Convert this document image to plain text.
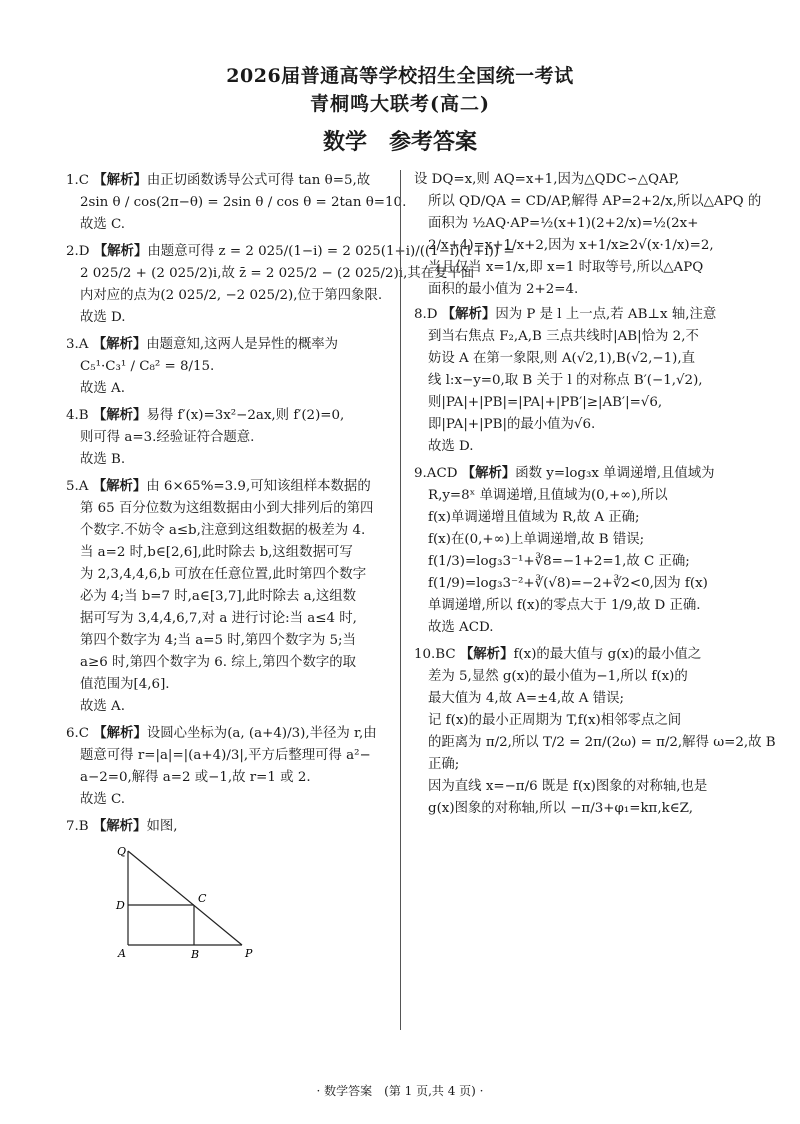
2026届普通高等学校招生全国统一考试
青桐鸣大联考(高二)
数学　参考答案
1.C 【解析】由正切函数诱导公式可得 tan θ=5,故
2sin θ / cos(2π−θ) = 2sin θ / cos θ = 2tan θ=10.
故选 C.
2.D 【解析】由题意可得 z = 2 025/(1−i) = 2 025(1+i)/((1−i)(1+i)) =
2 025/2 + (2 025/2)i,故 z̄ = 2 025/2 − (2 025/2)i,其在复平面
内对应的点为(2 025/2, −2 025/2),位于第四象限.
故选 D.
3.A 【解析】由题意知,这两人是异性的概率为
C₅¹·C₃¹ / C₈² = 8/15.
故选 A.
4.B 【解析】易得 f′(x)=3x²−2ax,则 f′(2)=0,
则可得 a=3.经验证符合题意.
故选 B.
5.A 【解析】由 6×65%=3.9,可知该组样本数据的
第 65 百分位数为这组数据由小到大排列后的第四
个数字.不妨令 a≤b,注意到这组数据的极差为 4.
当 a=2 时,b∈[2,6],此时除去 b,这组数据可写
为 2,3,4,4,6,b 可放在任意位置,此时第四个数字
必为 4;当 b=7 时,a∈[3,7],此时除去 a,这组数
据可写为 3,4,4,6,7,对 a 进行讨论:当 a≤4 时,
第四个数字为 4;当 a=5 时,第四个数字为 5;当
a≥6 时,第四个数字为 6. 综上,第四个数字的取
值范围为[4,6].
故选 A.
6.C 【解析】设圆心坐标为(a, (a+4)/3),半径为 r,由
题意可得 r=|a|=|(a+4)/3|,平方后整理可得 a²−
a−2=0,解得 a=2 或−1,故 r=1 或 2.
故选 C.
7.B 【解析】如图,
Q
D
C
A	B	P
设 DQ=x,则 AQ=x+1,因为△QDC∽△QAP,
所以 QD/QA = CD/AP,解得 AP=2+2/x,所以△APQ 的
面积为 ½AQ·AP=½(x+1)(2+2/x)=½(2x+
2/x+4)=x+1/x+2,因为 x+1/x≥2√(x·1/x)=2,
当且仅当 x=1/x,即 x=1 时取等号,所以△APQ
面积的最小值为 2+2=4.
8.D 【解析】因为 P 是 l 上一点,若 AB⊥x 轴,注意
到当右焦点 F₂,A,B 三点共线时|AB|恰为 2,不
妨设 A 在第一象限,则 A(√2,1),B(√2,−1),直
线 l:x−y=0,取 B 关于 l 的对称点 B′(−1,√2),
则|PA|+|PB|=|PA|+|PB′|≥|AB′|=√6,
即|PA|+|PB|的最小值为√6.
故选 D.
9.ACD 【解析】函数 y=log₃x 单调递增,且值域为
R,y=8ˣ 单调递增,且值域为(0,+∞),所以
f(x)单调递增且值域为 R,故 A 正确;
f(x)在(0,+∞)上单调递增,故 B 错误;
f(1/3)=log₃3⁻¹+∛8=−1+2=1,故 C 正确;
f(1/9)=log₃3⁻²+∛(√8)=−2+∛2<0,因为 f(x)
单调递增,所以 f(x)的零点大于 1/9,故 D 正确.
故选 ACD.
10.BC 【解析】f(x)的最大值与 g(x)的最小值之
差为 5,显然 g(x)的最小值为−1,所以 f(x)的
最大值为 4,故 A=±4,故 A 错误;
记 f(x)的最小正周期为 T,f(x)相邻零点之间
的距离为 π/2,所以 T/2 = 2π/(2ω) = π/2,解得 ω=2,故 B
正确;
因为直线 x=−π/6 既是 f(x)图象的对称轴,也是
g(x)图象的对称轴,所以 −π/3+φ₁=kπ,k∈Z,
· 数学答案　(第 1 页,共 4 页) ·
